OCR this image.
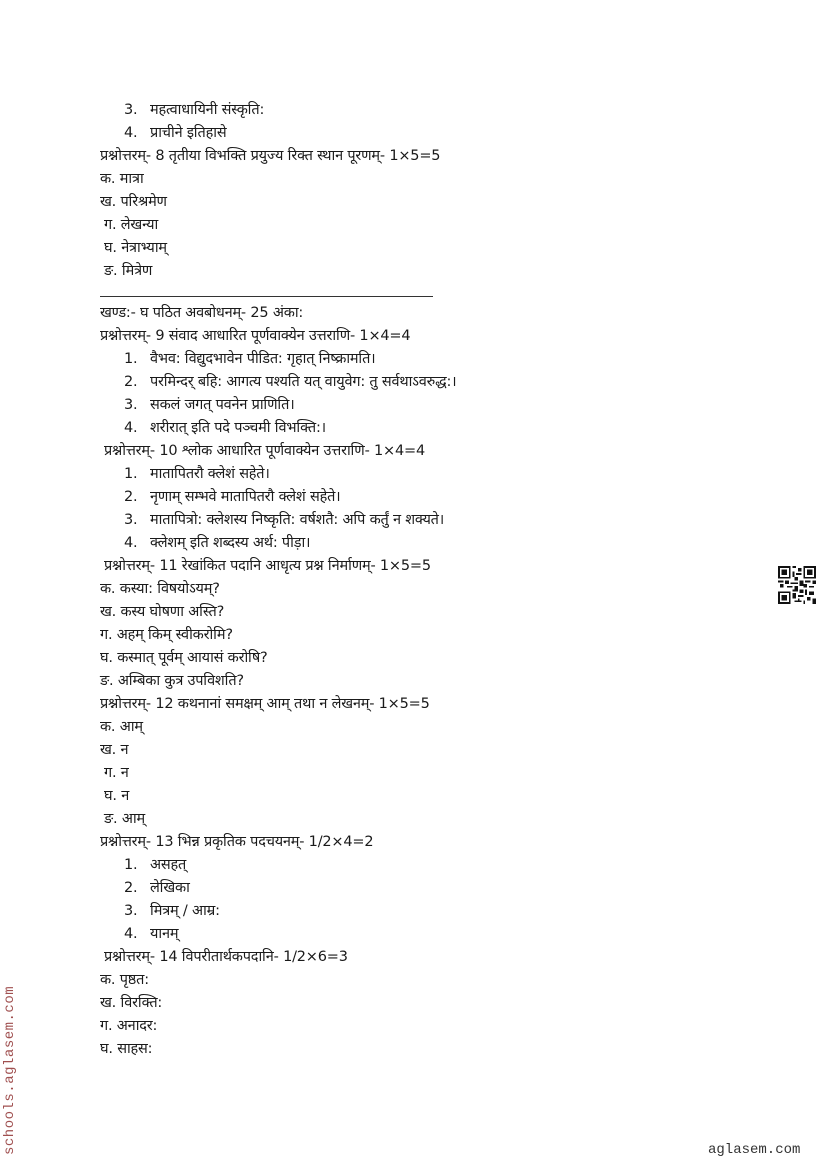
3. महत्वाधायिनी संस्कृति:
4. प्राचीने इतिहासे
प्रश्नोत्तरम्- 8 तृतीया विभक्ति प्रयुज्य रिक्त स्थान पूरणम्- 1×5=5
क. मात्रा
ख. परिश्रमेण
ग. लेखन्या
घ. नेत्राभ्याम्
ङ. मित्रेण
खण्ड:- घ पठित अवबोधनम्- 25 अंका:
प्रश्नोत्तरम्- 9 संवाद आधारित पूर्णवाक्येन उत्तराणि- 1×4=4
1. वैभव: विद्युदभावेन पीडित: गृहात् निष्क्रामति।
2. परमिन्दर् बहि: आगत्य पश्यति यत् वायुवेग: तु सर्वथाऽवरुद्ध:।
3. सकलं जगत् पवनेन प्राणिति।
4. शरीरात् इति पदे पञ्चमी विभक्ति:।
प्रश्नोत्तरम्- 10 श्लोक आधारित पूर्णवाक्येन उत्तराणि- 1×4=4
1. मातापितरौ क्लेशं सहेते।
2. नृणाम् सम्भवे मातापितरौ क्लेशं सहेते।
3. मातापित्रो: क्लेशस्य निष्कृति: वर्षशतै: अपि कर्तुं न शक्यते।
4. क्लेशम् इति शब्दस्य अर्थ: पीड़ा।
प्रश्नोत्तरम्- 11 रेखांकित पदानि आधृत्य प्रश्न निर्माणम्- 1×5=5
क. कस्या: विषयोऽयम्?
ख. कस्य घोषणा अस्ति?
ग. अहम् किम् स्वीकरोमि?
घ. कस्मात् पूर्वम् आयासं करोषि?
ङ. अम्बिका कुत्र उपविशति?
प्रश्नोत्तरम्- 12 कथनानां समक्षम् आम् तथा न लेखनम्- 1×5=5
क. आम्
ख. न
ग. न
घ. न
ङ. आम्
प्रश्नोत्तरम्- 13 भिन्न प्रकृतिक पदचयनम्- 1/2×4=2
1. असहत्
2. लेखिका
3. मित्रम् / आम्र:
4. यानम्
प्रश्नोत्तरम्- 14 विपरीतार्थकपदानि- 1/2×6=3
क. पृष्ठत:
ख. विरक्ति:
ग. अनादर:
घ. साहस:
schools.aglasem.com	aglasem.com
